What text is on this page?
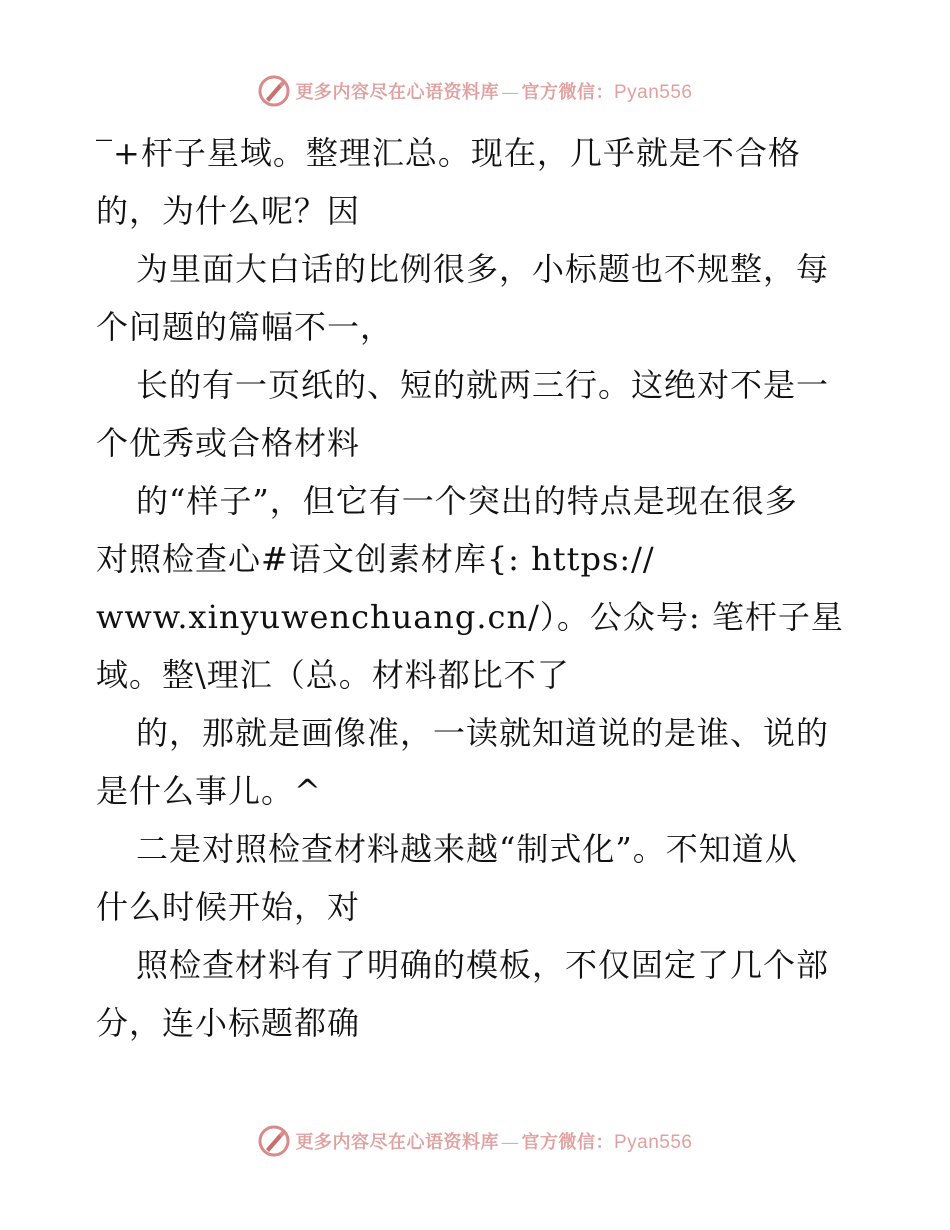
更多内容尽在心语资料库 — 官方微信：Pyan556
‾+杆子星域。整理汇总。现在，几乎就是不合格
的，为什么呢？因
为里面大白话的比例很多，小标题也不规整，每
个问题的篇幅不一，
长的有一页纸的、短的就两三行。这绝对不是一
个优秀或合格材料
的“样子”，但它有一个突出的特点是现在很多
对照检查心#语文创素材库{: https://
www.xinyuwenchuang.cn/）。公众号: 笔杆子星
域。整\理汇（总。材料都比不了
的，那就是画像准，一读就知道说的是谁、说的
是什么事儿。^
二是对照检查材料越来越“制式化”。不知道从
什么时候开始，对
照检查材料有了明确的模板，不仅固定了几个部
分，连小标题都确
更多内容尽在心语资料库 — 官方微信：Pyan556
